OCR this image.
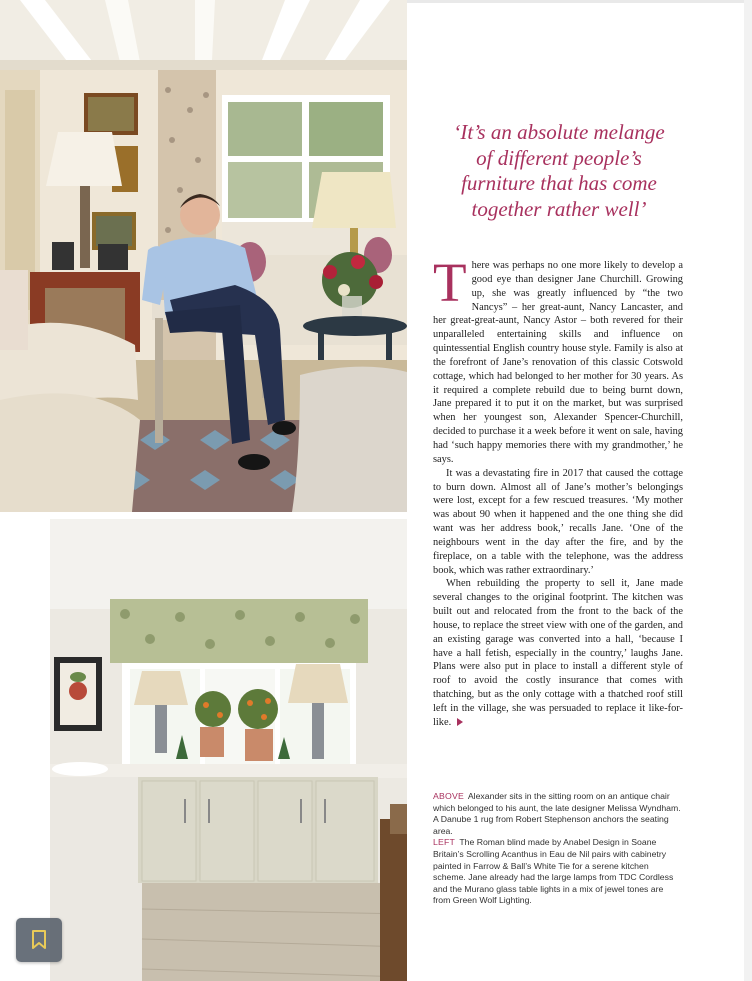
‘It’s an absolute melange
of different people’s
furniture that has come
together rather well’

There was perhaps no one more likely to develop a good eye than designer Jane Churchill. Growing up, she was greatly influenced by “the two Nancys” – her great-aunt, Nancy Lancaster, and her great-great-aunt, Nancy Astor – both revered for their unparalleled entertaining skills and influence on quintessential English country house style. Family is also at the forefront of Jane’s renovation of this classic Cotswold cottage, which had belonged to her mother for 30 years. As it required a complete rebuild due to being burnt down, Jane prepared it to put it on the market, but was surprised when her youngest son, Alexander Spencer-Churchill, decided to purchase it a week before it went on sale, having had ‘such happy memories there with my grandmother,’ he says.

It was a devastating fire in 2017 that caused the cottage to burn down. Almost all of Jane’s mother’s belongings were lost, except for a few rescued treasures. ‘My mother was about 90 when it happened and the one thing she did want was her address book,’ recalls Jane. ‘One of the neighbours went in the day after the fire, and by the fireplace, on a table with the telephone, was the address book, which was rather extraordinary.’

When rebuilding the property to sell it, Jane made several changes to the original footprint. The kitchen was built out and relocated from the front to the back of the house, to replace the street view with one of the garden, and an existing garage was converted into a hall, ‘because I have a hall fetish, especially in the country,’ laughs Jane. Plans were also put in place to install a different style of roof to avoid the costly insurance that comes with thatching, but as the only cottage with a thatched roof still left in the village, she was persuaded to replace it like-for-like.

ABOVE Alexander sits in the sitting room on an antique chair which belonged to his aunt, the late designer Melissa Wyndham. A Danube 1 rug from Robert Stephenson anchors the seating area.

LEFT The Roman blind made by Anabel Design in Soane Britain’s Scrolling Acanthus in Eau de Nil pairs with cabinetry painted in Farrow & Ball’s White Tie for a serene kitchen scheme. Jane already had the large lamps from TDC Cordless and the Murano glass table lights in a mix of jewel tones are from Green Wolf Lighting.
